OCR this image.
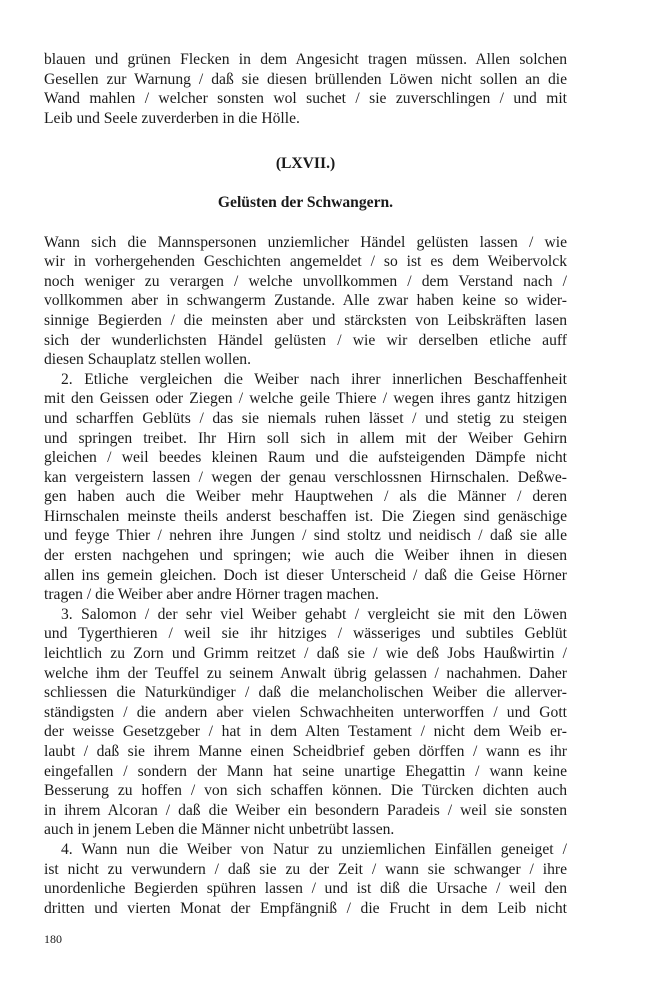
blauen und grünen Flecken in dem Angesicht tragen müssen. Allen solchen
Gesellen zur Warnung / daß sie diesen brüllenden Löwen nicht sollen an die
Wand mahlen / welcher sonsten wol suchet / sie zuverschlingen / und mit
Leib und Seele zuverderben in die Hölle.
(LXVII.)
Gelüsten der Schwangern.
Wann sich die Mannspersonen unziemlicher Händel gelüsten lassen / wie
wir in vorhergehenden Geschichten angemeldet / so ist es dem Weibervolck
noch weniger zu verargen / welche unvollkommen / dem Verstand nach /
vollkommen aber in schwangerm Zustande. Alle zwar haben keine so wider-
sinnige Begierden / die meinsten aber und stärcksten von Leibskräften lasen
sich der wunderlichsten Händel gelüsten / wie wir derselben etliche auff
diesen Schauplatz stellen wollen.
2. Etliche vergleichen die Weiber nach ihrer innerlichen Beschaffenheit
mit den Geissen oder Ziegen / welche geile Thiere / wegen ihres gantz hitzigen
und scharffen Geblüts / das sie niemals ruhen lässet / und stetig zu steigen
und springen treibet. Ihr Hirn soll sich in allem mit der Weiber Gehirn
gleichen / weil beedes kleinen Raum und die aufsteigenden Dämpfe nicht
kan vergeistern lassen / wegen der genau verschlossnen Hirnschalen. Deßwe-
gen haben auch die Weiber mehr Hauptwehen / als die Männer / deren
Hirnschalen meinste theils anderst beschaffen ist. Die Ziegen sind genäschige
und feyge Thier / nehren ihre Jungen / sind stoltz und neidisch / daß sie alle
der ersten nachgehen und springen; wie auch die Weiber ihnen in diesen
allen ins gemein gleichen. Doch ist dieser Unterscheid / daß die Geise Hörner
tragen / die Weiber aber andre Hörner tragen machen.
3. Salomon / der sehr viel Weiber gehabt / vergleicht sie mit den Löwen
und Tygerthieren / weil sie ihr hitziges / wässeriges und subtiles Geblüt
leichtlich zu Zorn und Grimm reitzet / daß sie / wie deß Jobs Haußwirtin /
welche ihm der Teuffel zu seinem Anwalt übrig gelassen / nachahmen. Daher
schliessen die Naturkündiger / daß die melancholischen Weiber die allerver-
ständigsten / die andern aber vielen Schwachheiten unterworffen / und Gott
der weisse Gesetzgeber / hat in dem Alten Testament / nicht dem Weib er-
laubt / daß sie ihrem Manne einen Scheidbrief geben dörffen / wann es ihr
eingefallen / sondern der Mann hat seine unartige Ehegattin / wann keine
Besserung zu hoffen / von sich schaffen können. Die Türcken dichten auch
in ihrem Alcoran / daß die Weiber ein besondern Paradeis / weil sie sonsten
auch in jenem Leben die Männer nicht unbetrübt lassen.
4. Wann nun die Weiber von Natur zu unziemlichen Einfällen geneiget /
ist nicht zu verwundern / daß sie zu der Zeit / wann sie schwanger / ihre
unordenliche Begierden spühren lassen / und ist diß die Ursache / weil den
dritten und vierten Monat der Empfängniß / die Frucht in dem Leib nicht
180
